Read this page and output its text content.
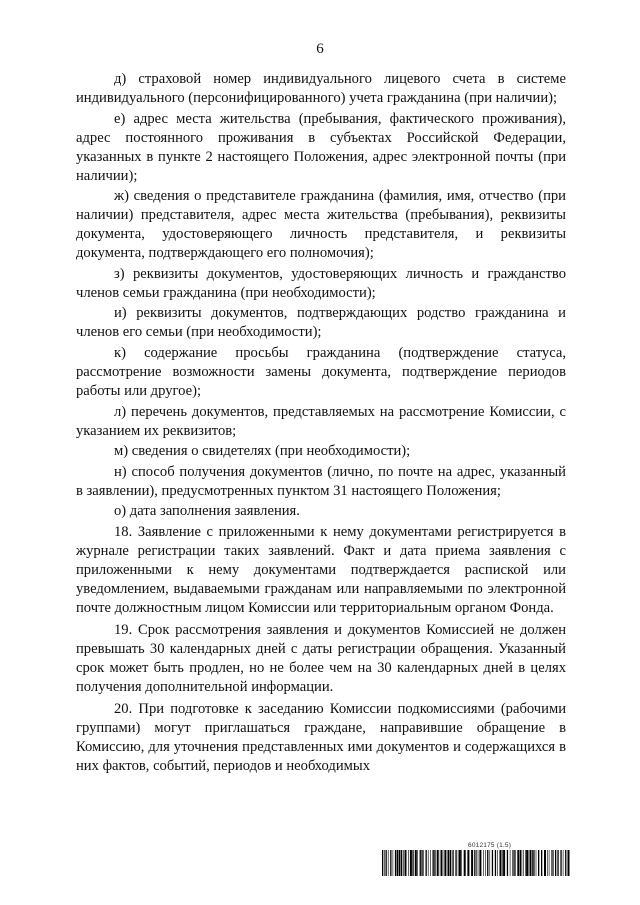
6

д) страховой номер индивидуального лицевого счета в системе индивидуального (персонифицированного) учета гражданина (при наличии);

е) адрес места жительства (пребывания, фактического проживания), адрес постоянного проживания в субъектах Российской Федерации, указанных в пункте 2 настоящего Положения, адрес электронной почты (при наличии);

ж) сведения о представителе гражданина (фамилия, имя, отчество (при наличии) представителя, адрес места жительства (пребывания), реквизиты документа, удостоверяющего личность представителя, и реквизиты документа, подтверждающего его полномочия);

з) реквизиты документов, удостоверяющих личность и гражданство членов семьи гражданина (при необходимости);

и) реквизиты документов, подтверждающих родство гражданина и членов его семьи (при необходимости);

к) содержание просьбы гражданина (подтверждение статуса, рассмотрение возможности замены документа, подтверждение периодов работы или другое);

л) перечень документов, представляемых на рассмотрение Комиссии, с указанием их реквизитов;

м) сведения о свидетелях (при необходимости);

н) способ получения документов (лично, по почте на адрес, указанный в заявлении), предусмотренных пунктом 31 настоящего Положения;

о) дата заполнения заявления.

18. Заявление с приложенными к нему документами регистрируется в журнале регистрации таких заявлений. Факт и дата приема заявления с приложенными к нему документами подтверждается распиской или уведомлением, выдаваемыми гражданам или направляемыми по электронной почте должностным лицом Комиссии или территориальным органом Фонда.

19. Срок рассмотрения заявления и документов Комиссией не должен превышать 30 календарных дней с даты регистрации обращения. Указанный срок может быть продлен, но не более чем на 30 календарных дней в целях получения дополнительной информации.

20. При подготовке к заседанию Комиссии подкомиссиями (рабочими группами) могут приглашаться граждане, направившие обращение в Комиссию, для уточнения представленных ими документов и содержащихся в них фактов, событий, периодов и необходимых

6012175 (1.5)
